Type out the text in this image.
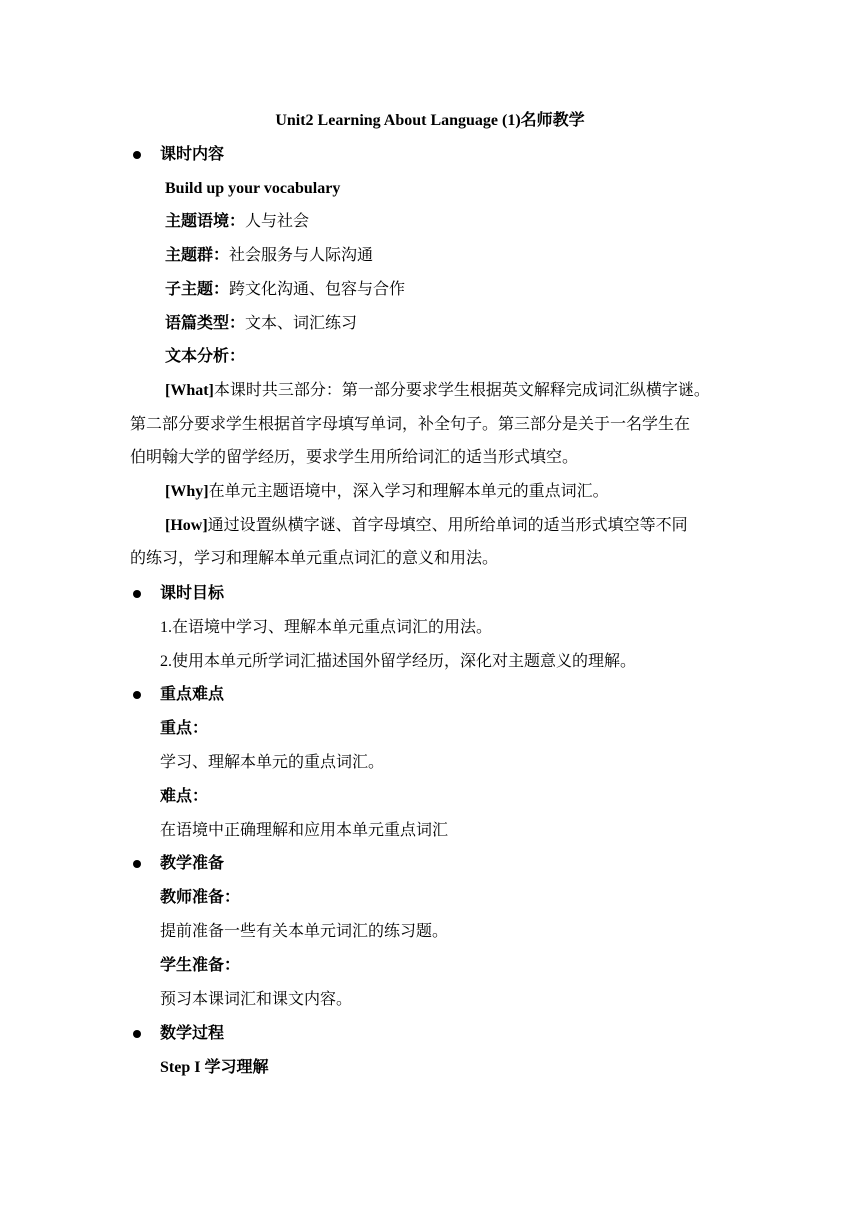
Unit2 Learning About Language (1)名师教学
课时内容
Build up your vocabulary
主题语境：人与社会
主题群：社会服务与人际沟通
子主题：跨文化沟通、包容与合作
语篇类型：文本、词汇练习
文本分析：
[What]本课时共三部分：第一部分要求学生根据英文解释完成词汇纵横字谜。
第二部分要求学生根据首字母填写单词，补全句子。第三部分是关于一名学生在
伯明翰大学的留学经历，要求学生用所给词汇的适当形式填空。
[Why]在单元主题语境中，深入学习和理解本单元的重点词汇。
[How]通过设置纵横字谜、首字母填空、用所给单词的适当形式填空等不同
的练习，学习和理解本单元重点词汇的意义和用法。
课时目标
1.在语境中学习、理解本单元重点词汇的用法。
2.使用本单元所学词汇描述国外留学经历，深化对主题意义的理解。
重点难点
重点：
学习、理解本单元的重点词汇。
难点：
在语境中正确理解和应用本单元重点词汇
教学准备
教师准备：
提前准备一些有关本单元词汇的练习题。
学生准备：
预习本课词汇和课文内容。
数学过程
Step I 学习理解
